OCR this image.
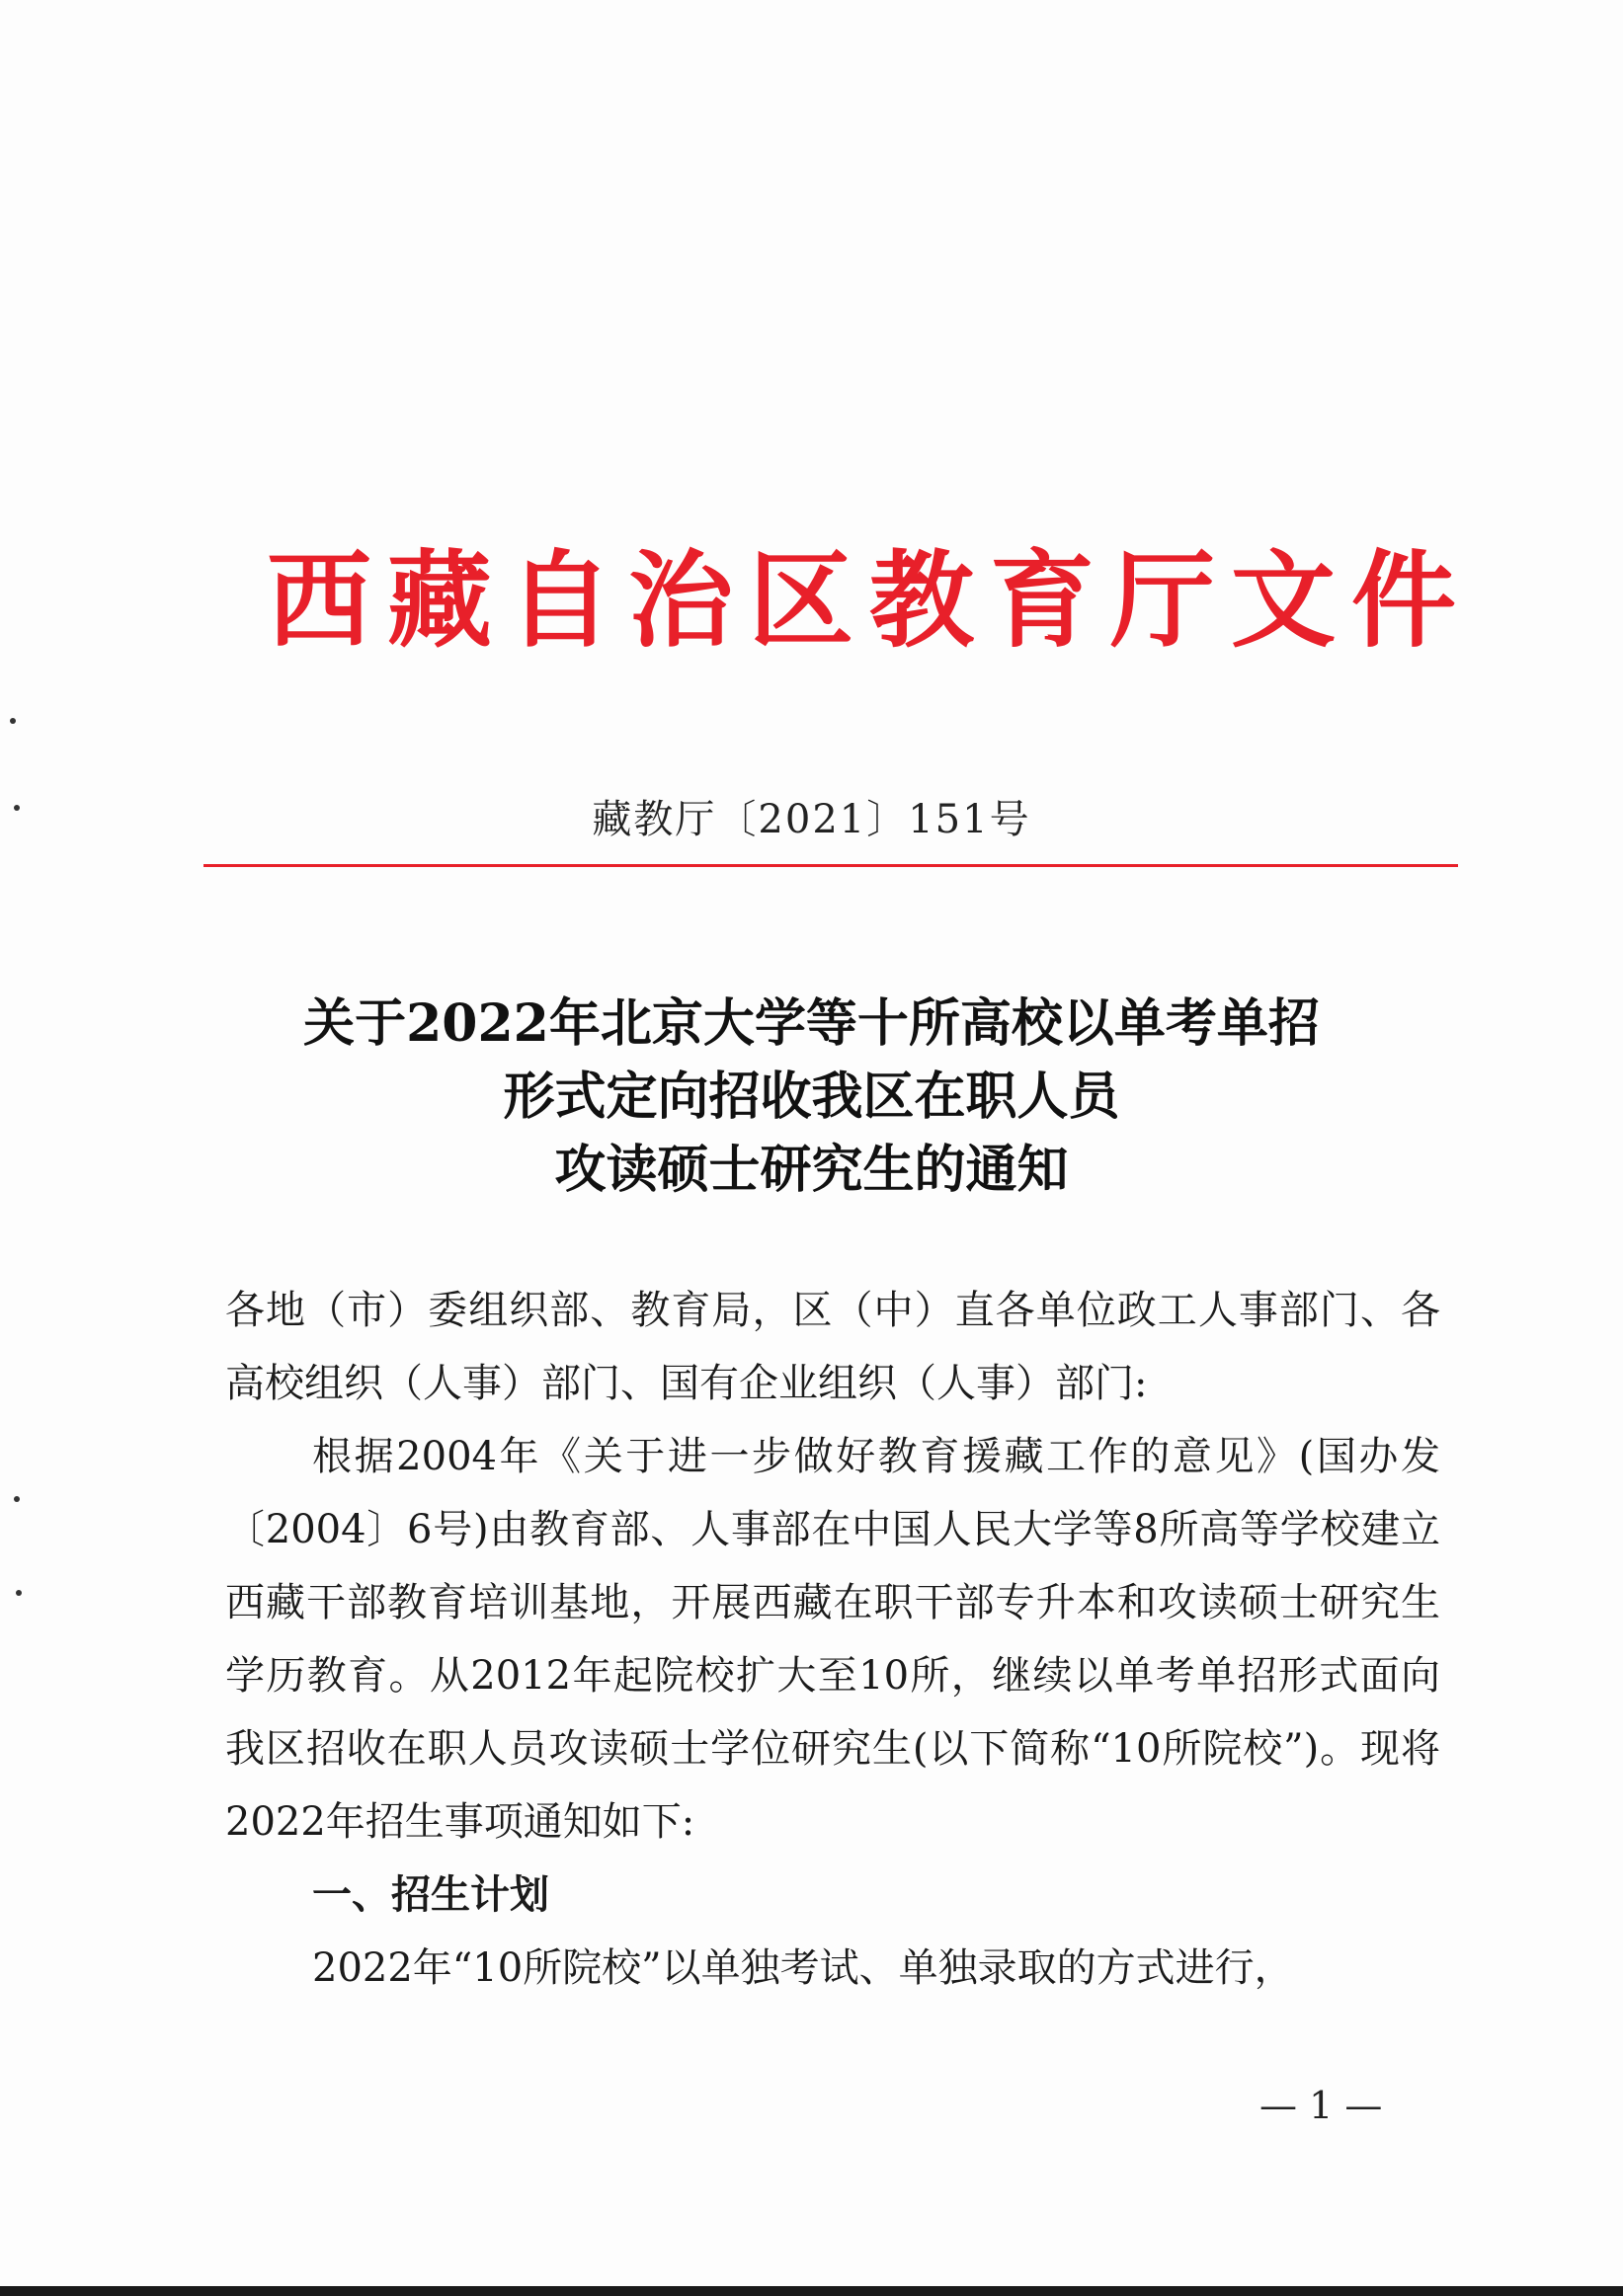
西藏自治区教育厅文件
藏教厅〔2021〕151号
关于2022年北京大学等十所高校以单考单招
形式定向招收我区在职人员
攻读硕士研究生的通知

各地（市）委组织部、教育局，区（中）直各单位政工人事部门、各高校组织（人事）部门、国有企业组织（人事）部门:

根据2004年《关于进一步做好教育援藏工作的意见》(国办发〔2004〕6号)由教育部、人事部在中国人民大学等8所高等学校建立西藏干部教育培训基地，开展西藏在职干部专升本和攻读硕士研究生学历教育。从2012年起院校扩大至10所，继续以单考单招形式面向我区招收在职人员攻读硕士学位研究生(以下简称“10所院校”)。现将2022年招生事项通知如下:

一、招生计划

2022年“10所院校”以单独考试、单独录取的方式进行，

— 1 —
